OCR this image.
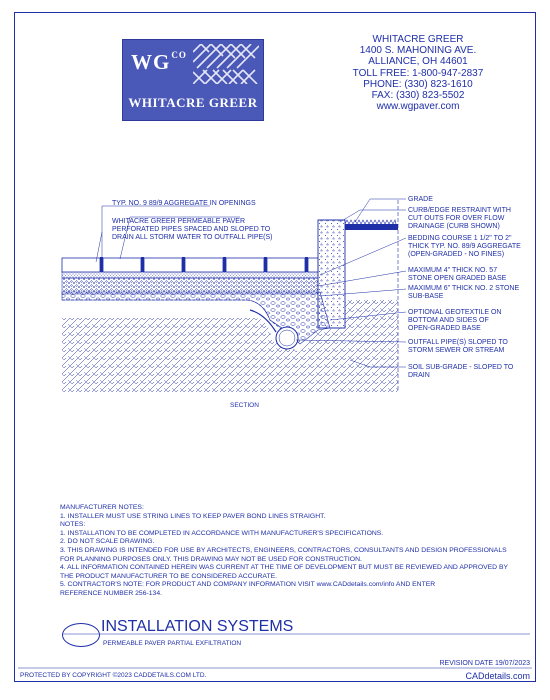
$WG^{CO}$
WHITACRE GREER
WHITACRE GREER
1400 S. MAHONING AVE.
ALLIANCE, OH 44601
TOLL FREE: 1-800-947-2837
PHONE: (330) 823-1610
FAX: (330) 823-5502
www.wgpaver.com
TYP. NO. 9 89/9 AGGREGATE IN OPENINGS
WHITACRE GREER PERMEABLE PAVER
PERFORATED PIPES SPACED AND SLOPED TO
DRAIN ALL STORM WATER TO OUTFALL PIPE(S)
GRADE
CURB/EDGE RESTRAINT WITH
CUT OUTS FOR OVER FLOW
DRAINAGE (CURB SHOWN)
BEDDING COURSE 1 1/2" TO 2"
THICK TYP. NO. 89/9 AGGREGATE
(OPEN-GRADED - NO FINES)
MAXIMUM 4" THICK NO. 57
STONE OPEN GRADED BASE
MAXIMUM 6" THICK NO. 2 STONE
SUB-BASE
OPTIONAL GEOTEXTILE ON
BOTTOM AND SIDES OF
OPEN-GRADED BASE
OUTFALL PIPE(S) SLOPED TO
STORM SEWER OR STREAM
SOIL SUB-GRADE - SLOPED TO
DRAIN
SECTION
MANUFACTURER NOTES:
1. INSTALLER MUST USE STRING LINES TO KEEP PAVER BOND LINES STRAIGHT.
NOTES:
1. INSTALLATION TO BE COMPLETED IN ACCORDANCE WITH MANUFACTURER'S SPECIFICATIONS.
2. DO NOT SCALE DRAWING.
3. THIS DRAWING IS INTENDED FOR USE BY ARCHITECTS, ENGINEERS, CONTRACTORS, CONSULTANTS AND DESIGN PROFESSIONALS
FOR PLANNING PURPOSES ONLY. THIS DRAWING MAY NOT BE USED FOR CONSTRUCTION.
4. ALL INFORMATION CONTAINED HEREIN WAS CURRENT AT THE TIME OF DEVELOPMENT BUT MUST BE REVIEWED AND APPROVED BY
THE PRODUCT MANUFACTURER TO BE CONSIDERED ACCURATE.
5. CONTRACTOR'S NOTE: FOR PRODUCT AND COMPANY INFORMATION VISIT www.CADdetails.com/info AND ENTER
REFERENCE NUMBER 256-134.
INSTALLATION SYSTEMS
PERMEABLE PAVER PARTIAL EXFILTRATION
REVISION DATE 19/07/2023
PROTECTED BY COPYRIGHT ©2023 CADDETAILS.COM LTD.	CADdetails.com
